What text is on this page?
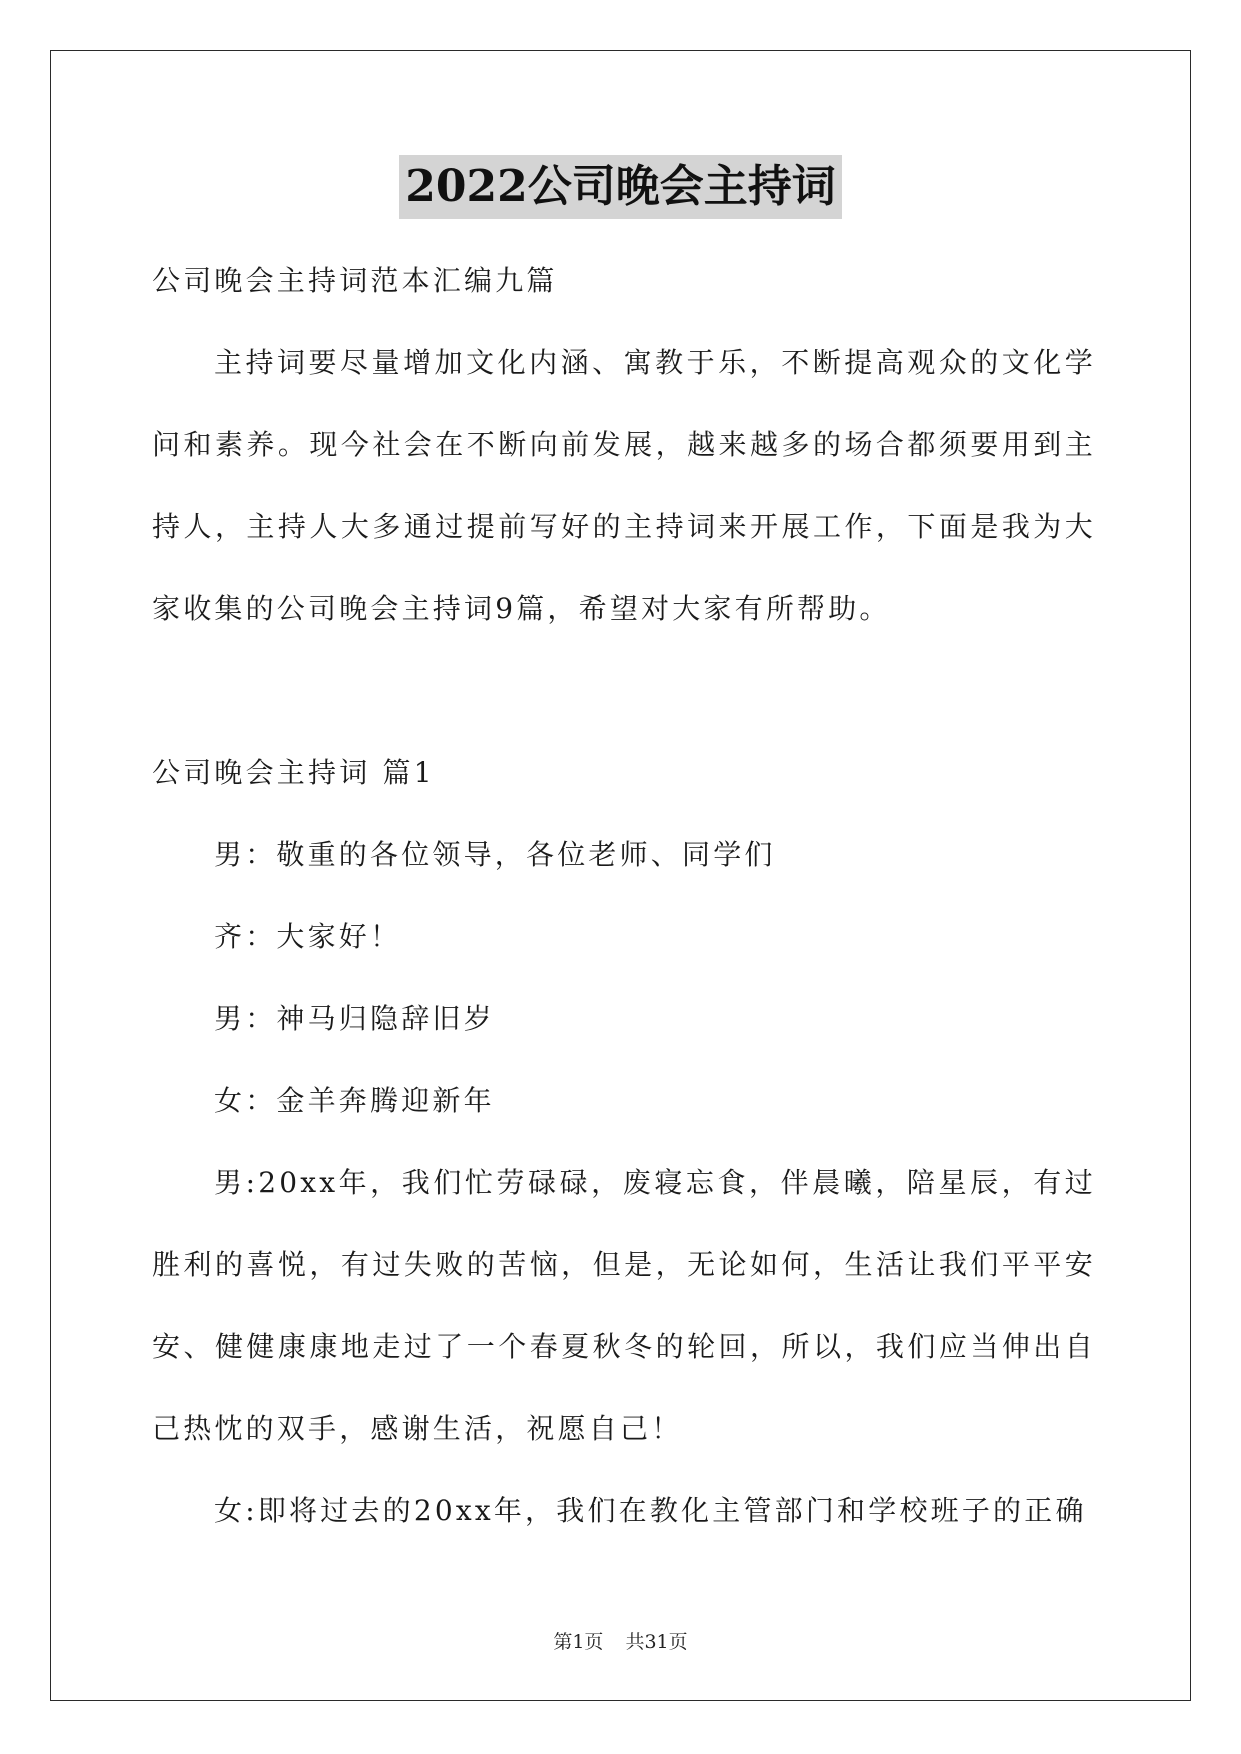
2022公司晚会主持词

公司晚会主持词范本汇编九篇

主持词要尽量增加文化内涵、寓教于乐，不断提高观众的文化学问和素养。现今社会在不断向前发展，越来越多的场合都须要用到主持人，主持人大多通过提前写好的主持词来开展工作，下面是我为大家收集的公司晚会主持词9篇，希望对大家有所帮助。

公司晚会主持词 篇1

男：敬重的各位领导，各位老师、同学们

齐：大家好！

男：神马归隐辞旧岁

女：金羊奔腾迎新年

男:20xx年，我们忙劳碌碌，废寝忘食，伴晨曦，陪星辰，有过胜利的喜悦，有过失败的苦恼，但是，无论如何，生活让我们平平安安、健健康康地走过了一个春夏秋冬的轮回，所以，我们应当伸出自己热忱的双手，感谢生活，祝愿自己！

女:即将过去的20xx年，我们在教化主管部门和学校班子的正确

第1页 共31页
